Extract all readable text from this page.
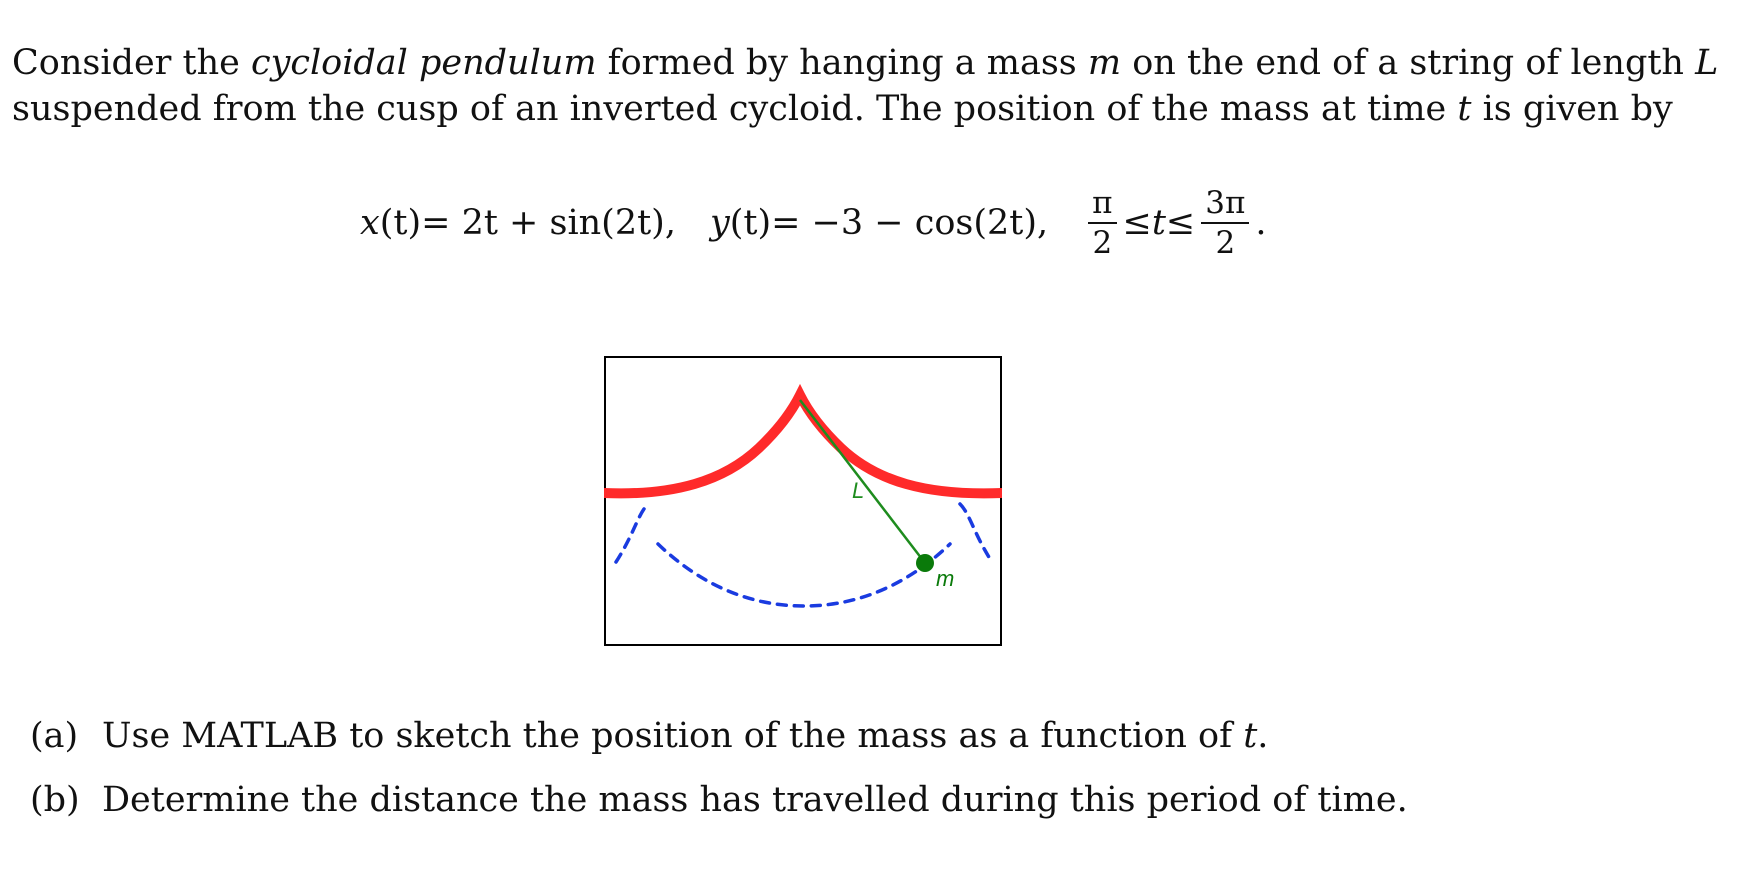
Consider the cycloidal pendulum formed by hanging a mass m on the end of a string of length L
suspended from the cusp of an inverted cycloid. The position of the mass at time t is given by
x (t) = 2t + sin(2t), y (t) = −3 − cos(2t), $\frac{\pi}{2} \le t \le \frac{3\pi}{2}$ .
L
m
(a) Use MATLAB to sketch the position of the mass as a function of t.
(b) Determine the distance the mass has travelled during this period of time.
